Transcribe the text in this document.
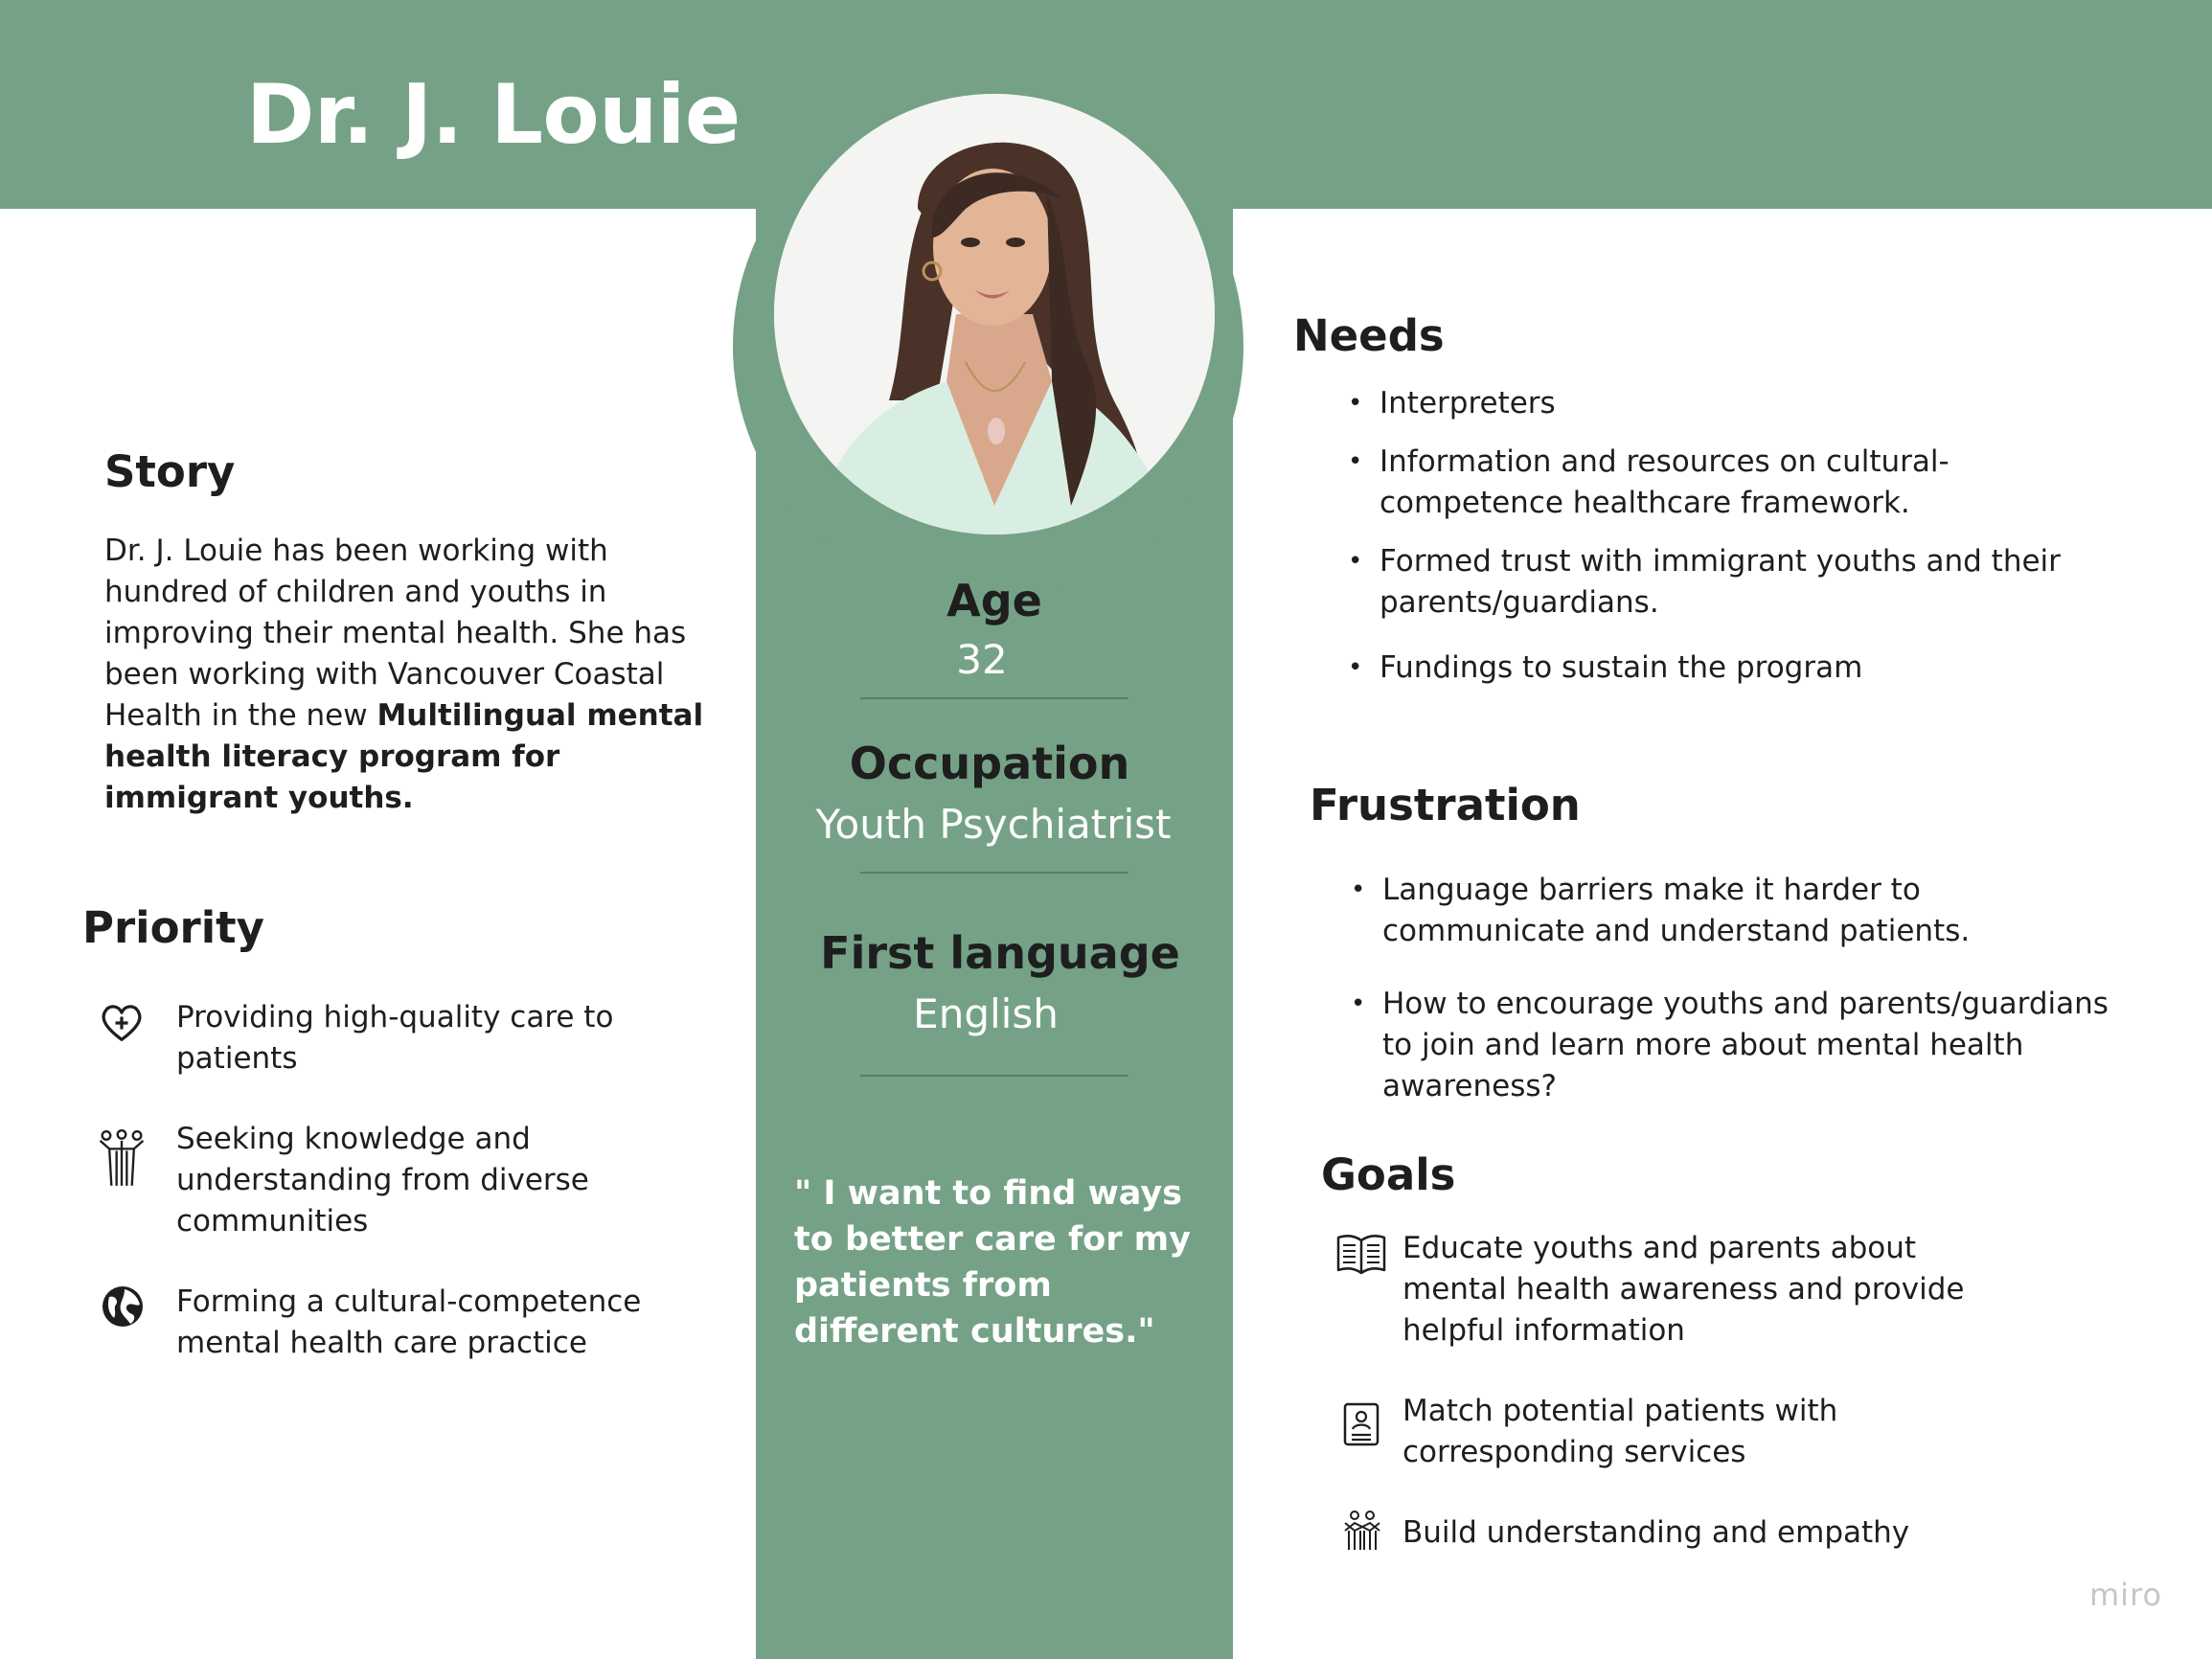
Dr. J. Louie
Story
Dr. J. Louie has been working with hundred of children and youths in improving their mental health. She has been working with Vancouver Coastal Health in the new Multilingual mental health literacy program for immigrant youths.
Priority
Providing high-quality care to patients
Seeking knowledge and understanding from diverse communities
Forming a cultural-competence mental health care practice
Age
32
Occupation
Youth Psychiatrist
First language
English
" I want to find ways to better care for my patients from different cultures."
Needs
• Interpreters
• Information and resources on cultural-competence healthcare framework.
• Formed trust with immigrant youths and their parents/guardians.
• Fundings to sustain the program
Frustration
• Language barriers make it harder to communicate and understand patients.
• How to encourage youths and parents/guardians to join and learn more about mental health awareness?
Goals
Educate youths and parents about mental health awareness and provide helpful information
Match potential patients with corresponding services
Build understanding and empathy
miro
